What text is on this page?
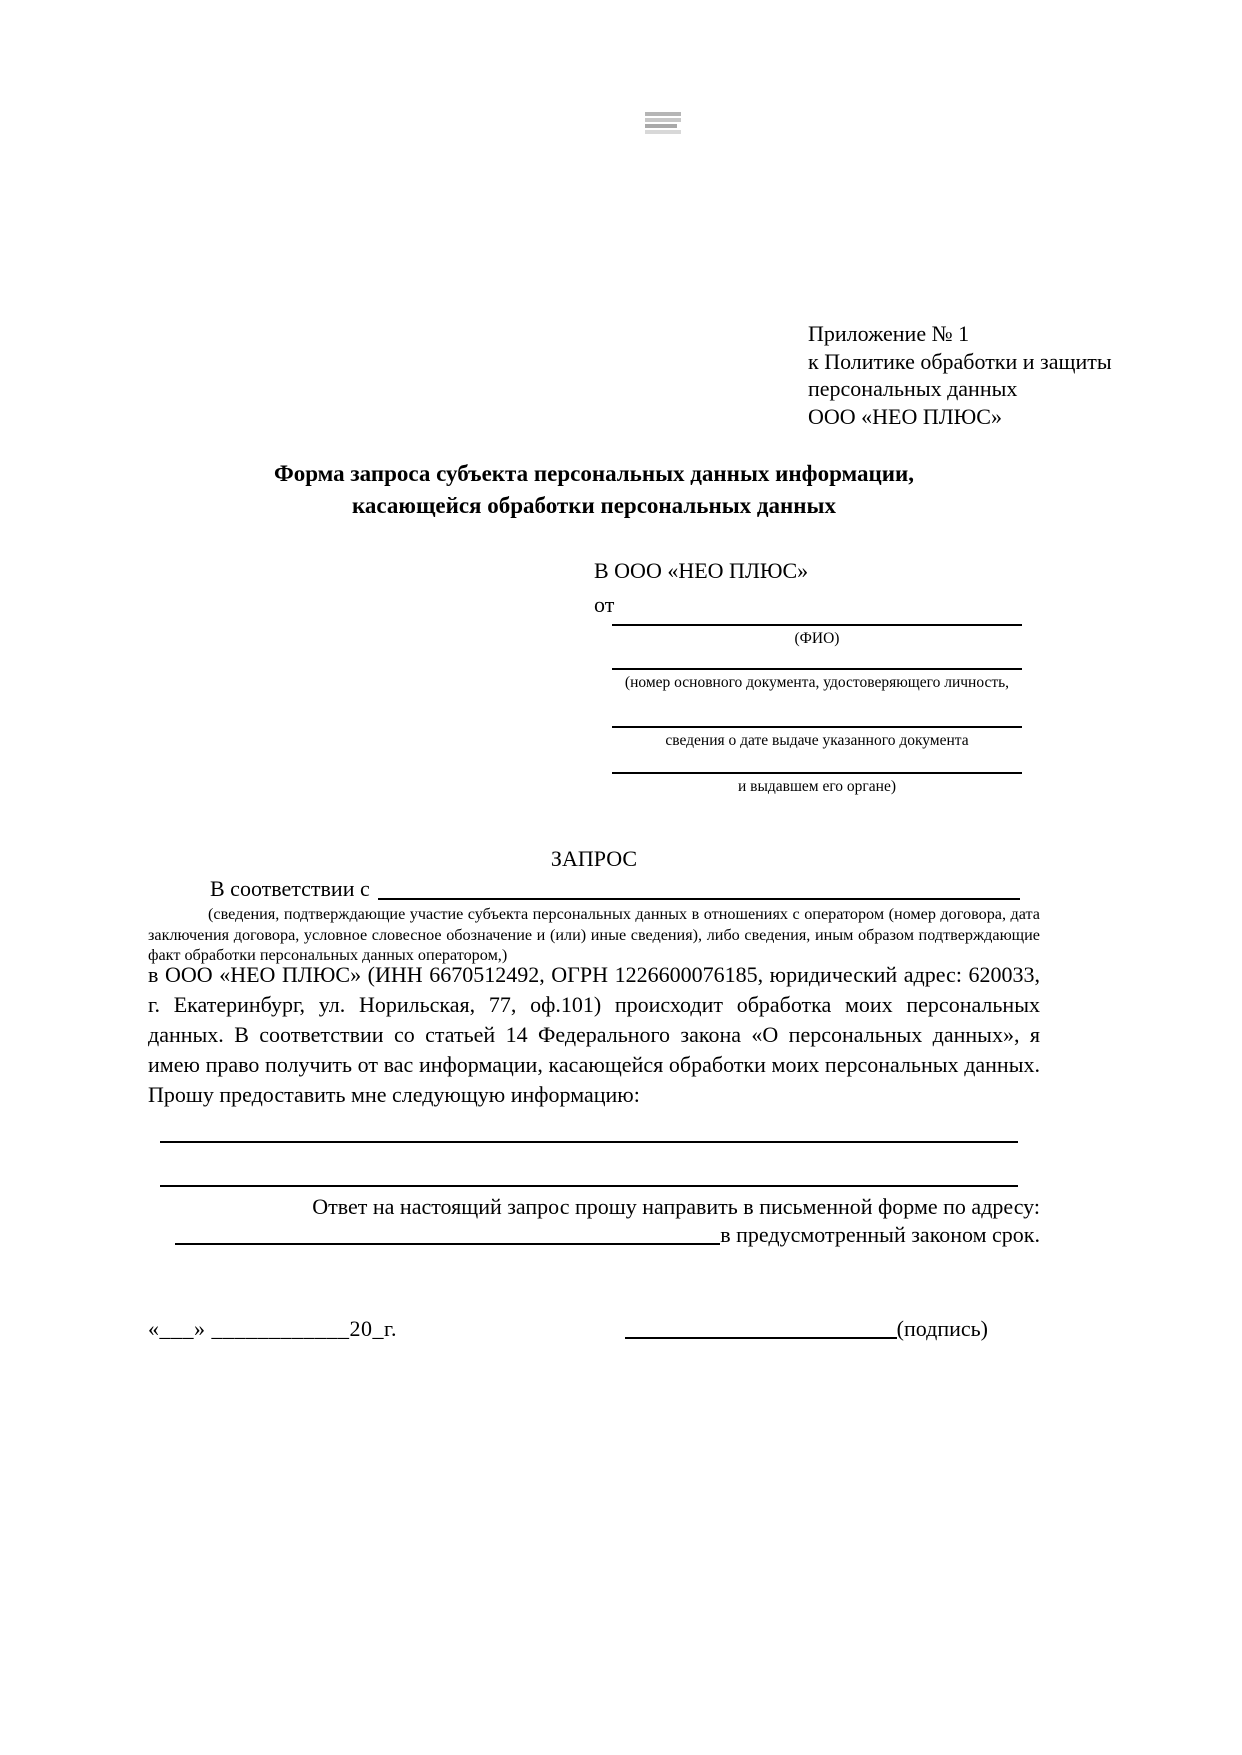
Приложение № 1
к Политике обработки и защиты
персональных данных
ООО «НЕО ПЛЮС»
Форма запроса субъекта персональных данных информации,
касающейся обработки персональных данных
В ООО «НЕО ПЛЮС»
от
(ФИО)
(номер основного документа, удостоверяющего личность,
сведения о дате выдаче указанного документа
и выдавшем его органе)
ЗАПРОС
В соответствии с
(сведения, подтверждающие участие субъекта персональных данных в отношениях с оператором (номер договора, дата заключения договора, условное словесное обозначение и (или) иные сведения), либо сведения, иным образом подтверждающие факт обработки персональных данных оператором,)
в ООО «НЕО ПЛЮС» (ИНН 6670512492, ОГРН 1226600076185, юридический адрес: 620033, г. Екатеринбург, ул. Норильская, 77, оф.101) происходит обработка моих персональных данных. В соответствии со статьей 14 Федерального закона «О персональных данных», я имею право получить от вас информации, касающейся обработки моих персональных данных. Прошу предоставить мне следующую информацию:
Ответ на настоящий запрос прошу направить в письменной форме по адресу:
в предусмотренный законом срок.
«___» ____________20_г.	(подпись)
